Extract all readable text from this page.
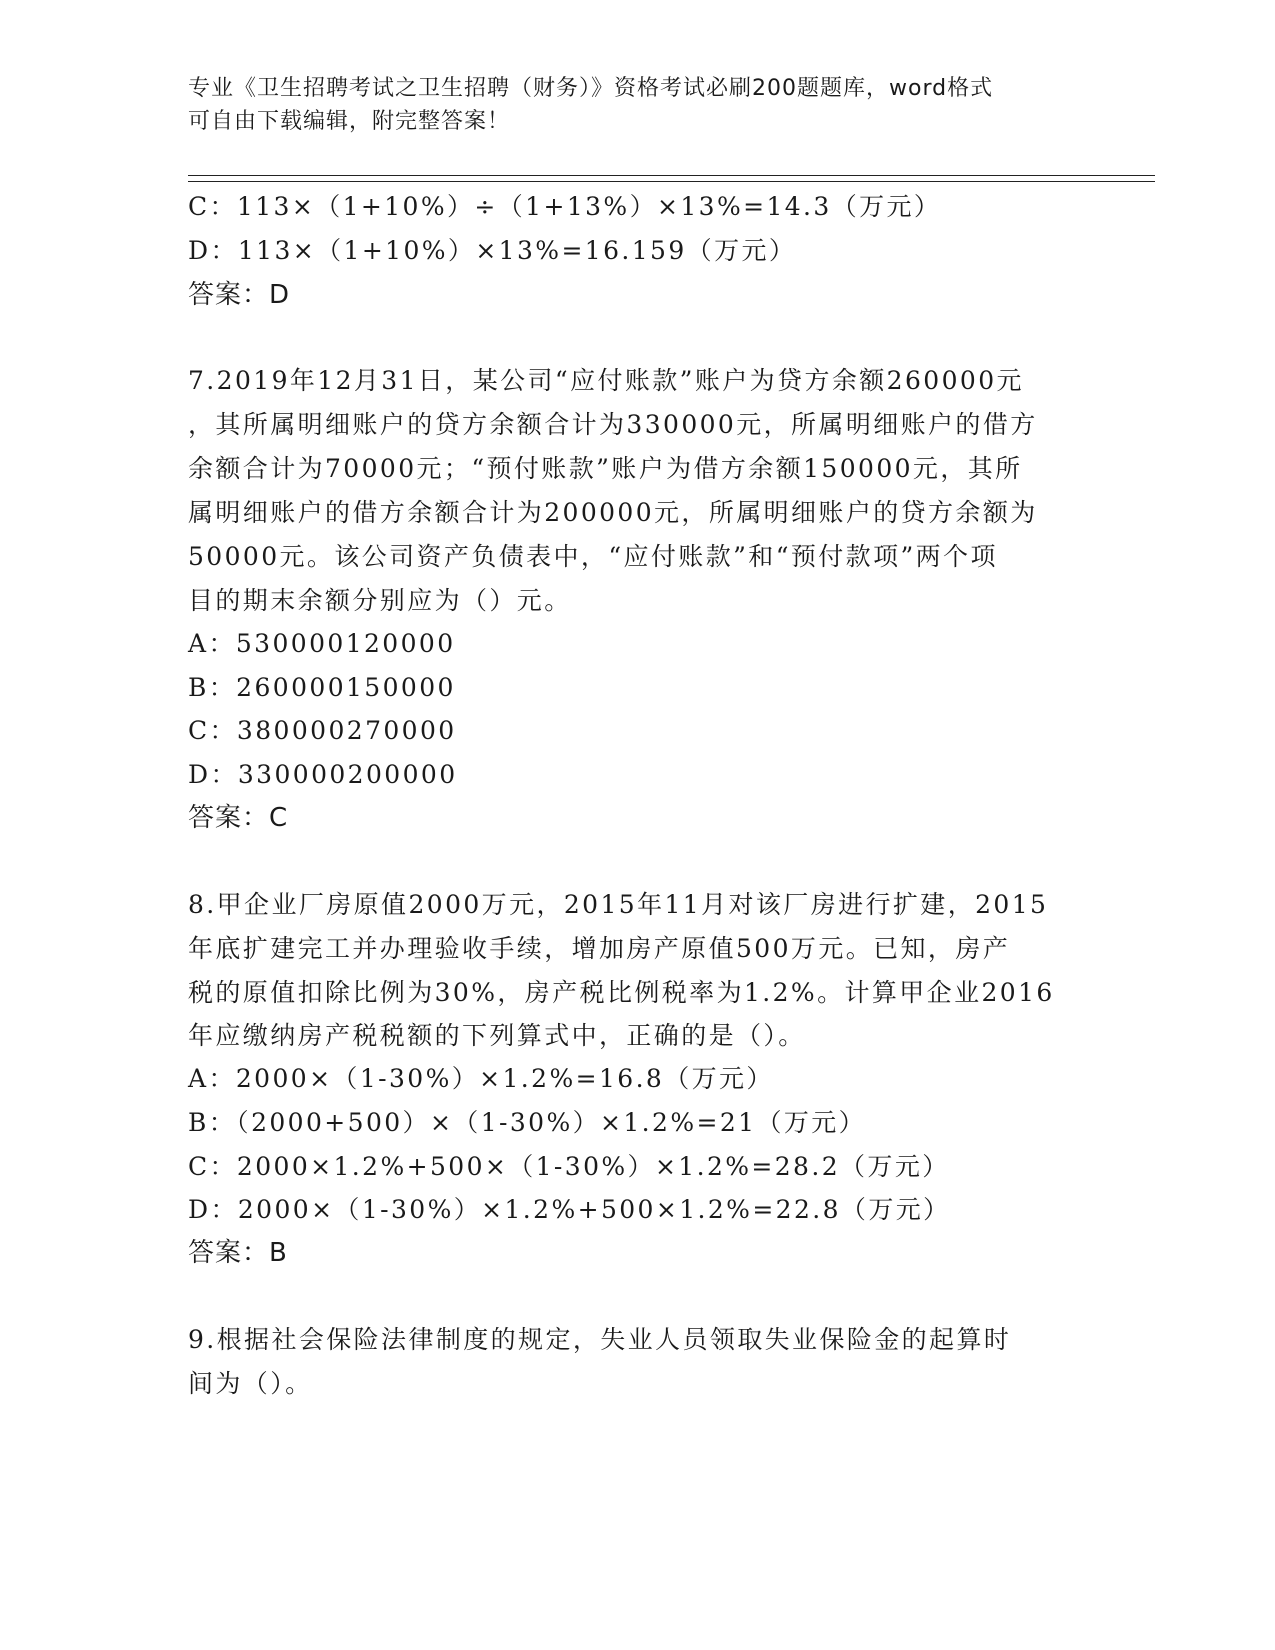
专业《卫生招聘考试之卫生招聘（财务）》资格考试必刷200题题库，word格式
可自由下载编辑，附完整答案！
C：113×（1+10%）÷（1+13%）×13%=14.3（万元）
D：113×（1+10%）×13%=16.159（万元）
答案：D
7.2019年12月31日，某公司“应付账款”账户为贷方余额260000元
，其所属明细账户的贷方余额合计为330000元，所属明细账户的借方
余额合计为70000元；“预付账款”账户为借方余额150000元，其所
属明细账户的借方余额合计为200000元，所属明细账户的贷方余额为
50000元。该公司资产负债表中，“应付账款”和“预付款项”两个项
目的期末余额分别应为（）元。
A：530000120000
B：260000150000
C：380000270000
D：330000200000
答案：C
8.甲企业厂房原值2000万元，2015年11月对该厂房进行扩建，2015
年底扩建完工并办理验收手续，增加房产原值500万元。已知，房产
税的原值扣除比例为30%，房产税比例税率为1.2%。计算甲企业2016
年应缴纳房产税税额的下列算式中，正确的是（）。
A：2000×（1-30%）×1.2%=16.8（万元）
B：（2000+500）×（1-30%）×1.2%=21（万元）
C：2000×1.2%+500×（1-30%）×1.2%=28.2（万元）
D：2000×（1-30%）×1.2%+500×1.2%=22.8（万元）
答案：B
9.根据社会保险法律制度的规定，失业人员领取失业保险金的起算时
间为（）。
